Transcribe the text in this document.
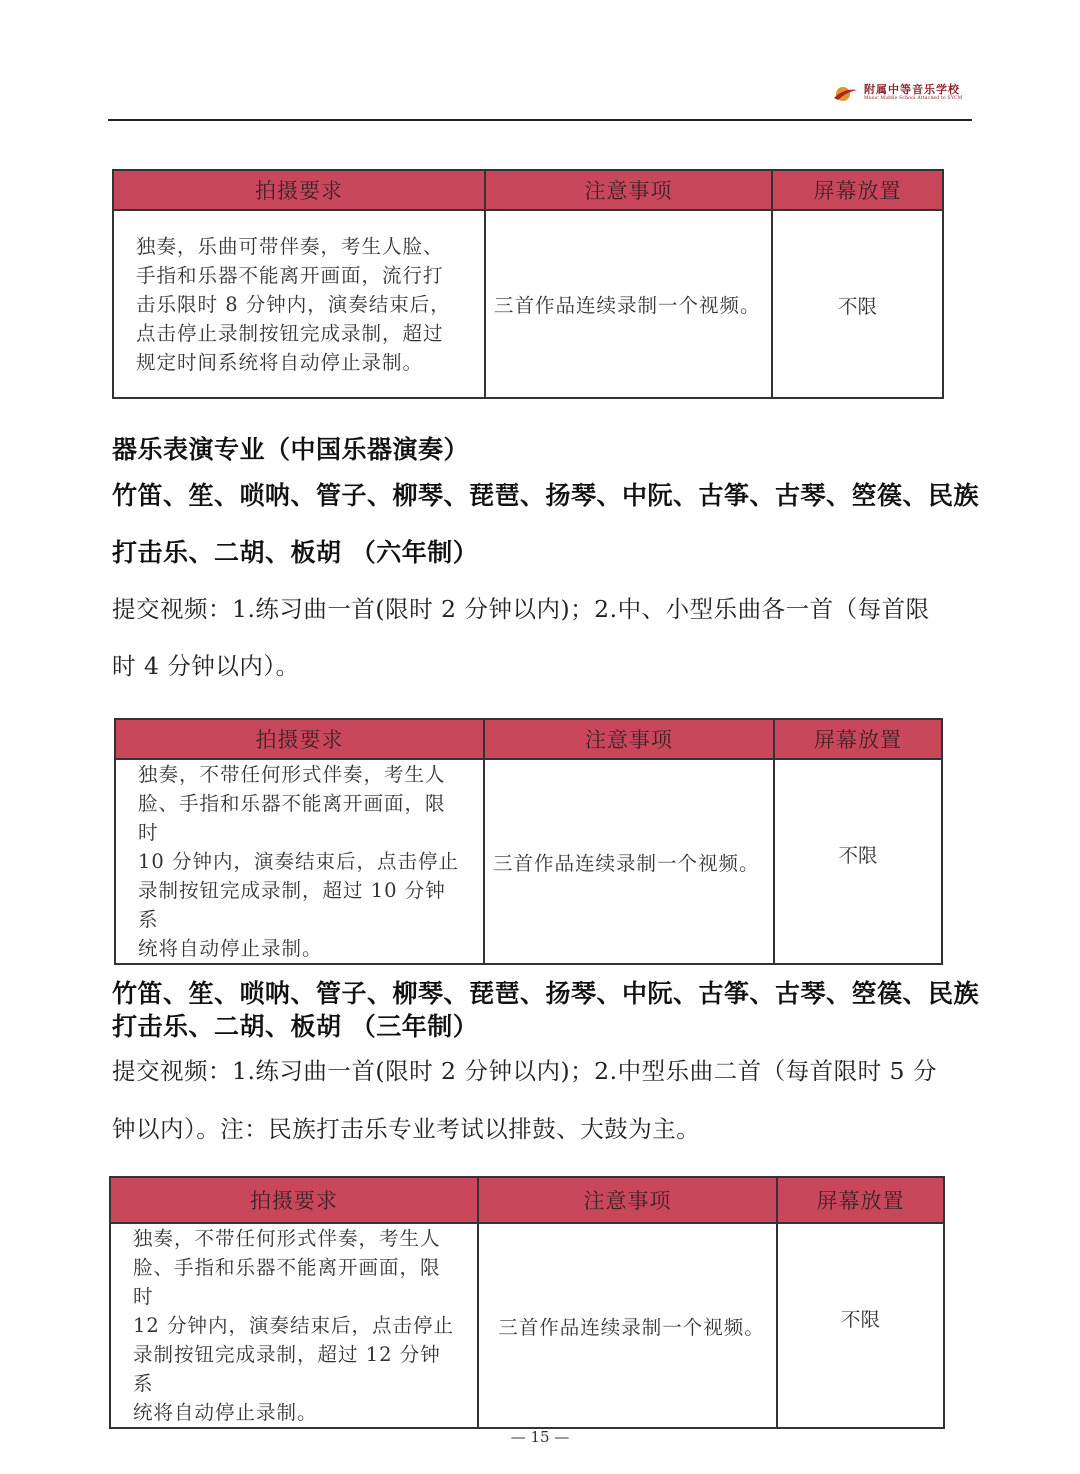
附属中等音乐学校
Music Middle School Attached to SYCM
拍摄要求	注意事项	屏幕放置

独奏，乐曲可带伴奏，考生人脸、
手指和乐器不能离开画面，流行打
击乐限时 8 分钟内，演奏结束后，
点击停止录制按钮完成录制，超过
规定时间系统将自动停止录制。	三首作品连续录制一个视频。	不限
器乐表演专业（中国乐器演奏）
竹笛、笙、唢呐、管子、柳琴、琵琶、扬琴、中阮、古筝、古琴、箜篌、民族
打击乐、二胡、板胡 （六年制）
提交视频：1.练习曲一首(限时 2 分钟以内)；2.中、小型乐曲各一首（每首限
时 4 分钟以内）。
拍摄要求	注意事项	屏幕放置

独奏，不带任何形式伴奏，考生人
脸、手指和乐器不能离开画面，限时
10 分钟内，演奏结束后，点击停止
录制按钮完成录制，超过 10 分钟系
统将自动停止录制。	三首作品连续录制一个视频。	不限
竹笛、笙、唢呐、管子、柳琴、琵琶、扬琴、中阮、古筝、古琴、箜篌、民族
打击乐、二胡、板胡 （三年制）
提交视频：1.练习曲一首(限时 2 分钟以内)；2.中型乐曲二首（每首限时 5 分
钟以内）。注：民族打击乐专业考试以排鼓、大鼓为主。
拍摄要求	注意事项	屏幕放置

独奏，不带任何形式伴奏，考生人
脸、手指和乐器不能离开画面，限时
12 分钟内，演奏结束后，点击停止
录制按钮完成录制，超过 12 分钟系
统将自动停止录制。	三首作品连续录制一个视频。	不限
— 15 —
